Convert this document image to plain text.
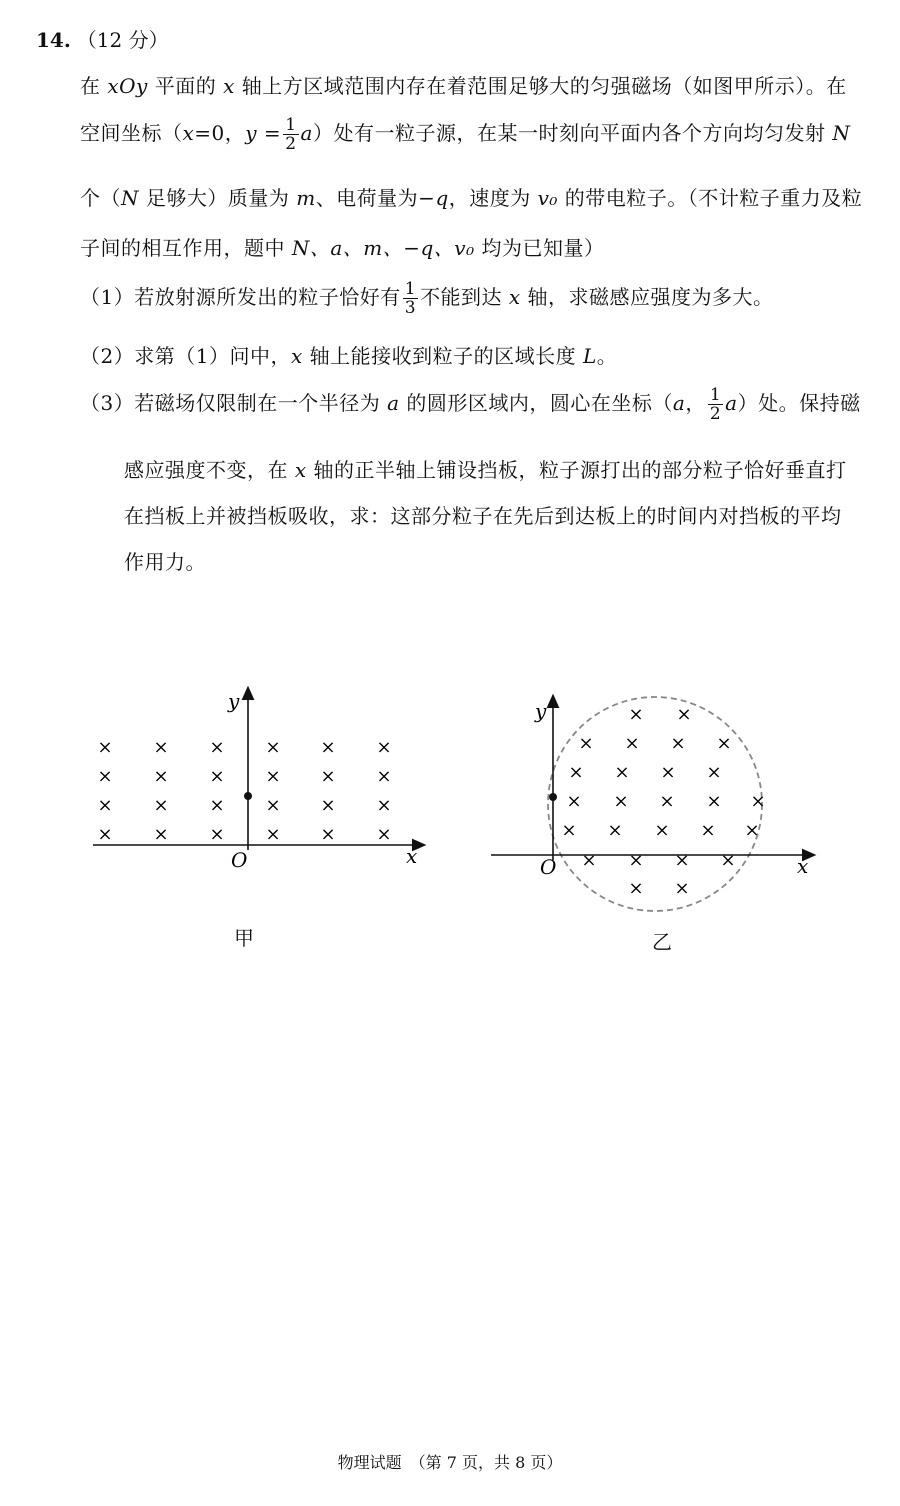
14. （12 分）
在 xOy 平面的 x 轴上方区域范围内存在着范围足够大的匀强磁场（如图甲所示）。在
空间坐标（x=0，$y = \frac{1}{2} a$）处有一粒子源，在某一时刻向平面内各个方向均匀发射 N
个（N 足够大）质量为 m、电荷量为−q，速度为 v₀ 的带电粒子。（不计粒子重力及粒
子间的相互作用，题中 N、a、m、−q、v₀ 均为已知量）
（1）若放射源所发出的粒子恰好有 $\frac{1}{3}$ 不能到达 x 轴，求磁感应强度为多大。
（2）求第（1）问中，x 轴上能接收到粒子的区域长度 L。
（3）若磁场仅限制在一个半径为 a 的圆形区域内，圆心在坐标（a， $\frac{1}{2} a$）处。保持磁
感应强度不变，在 x 轴的正半轴上铺设挡板，粒子源打出的部分粒子恰好垂直打
在挡板上并被挡板吸收，求：这部分粒子在先后到达板上的时间内对挡板的平均
作用力。
y
x
O
× × × × × ×
× × × × × ×
× × × × × ×
× × × × × ×
y
x
O
× ×
× × × ×
× × × ×
× × × × ×
× × × × ×
× × × ×
× ×
甲	乙
物理试题　（第 7 页，共 8 页）
